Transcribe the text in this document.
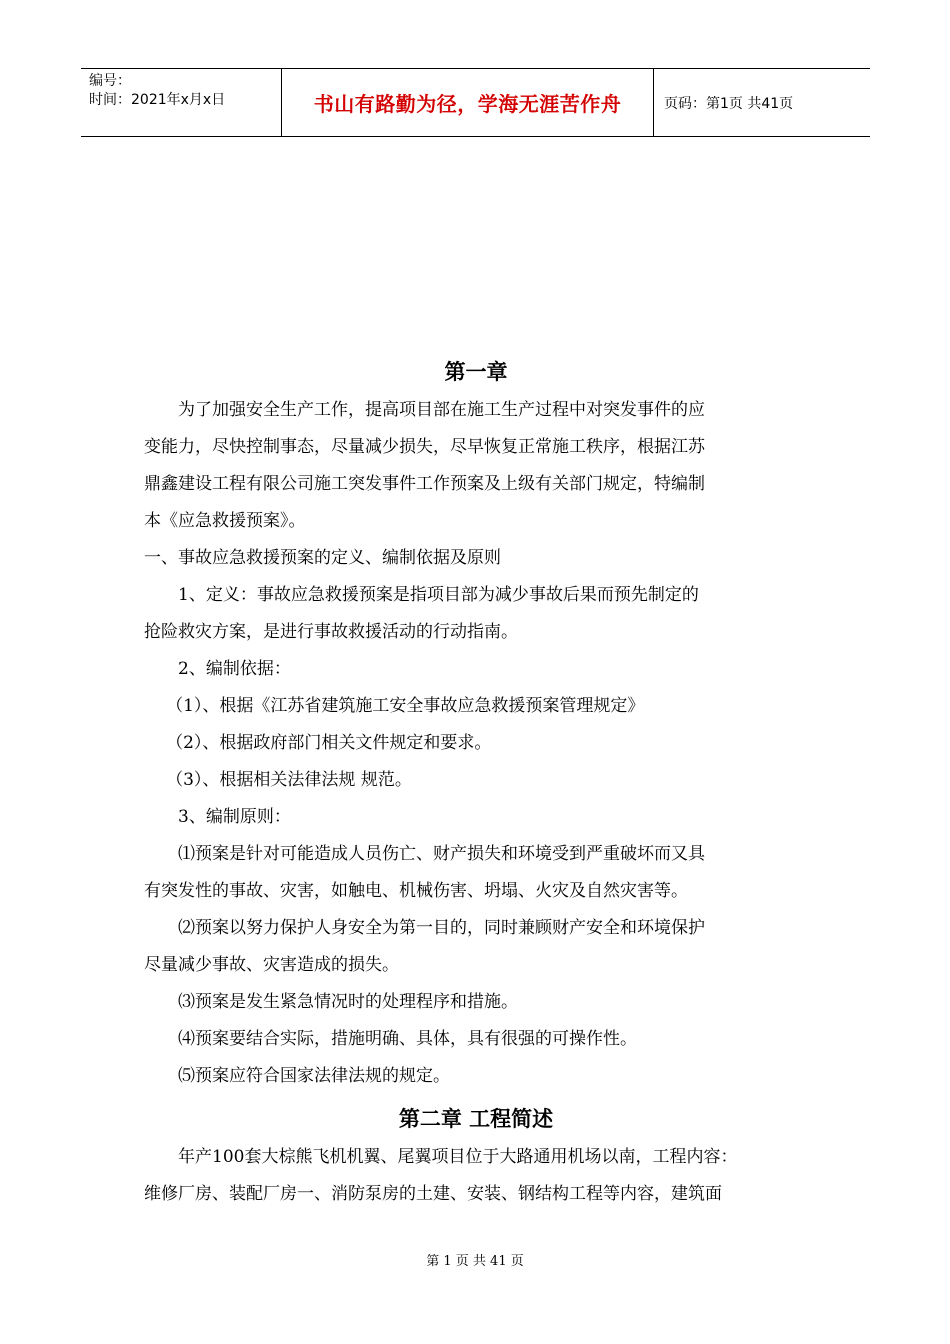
编号：
时间：2021年x月x日	书山有路勤为径，学海无涯苦作舟	页码：第1页 共41页
第一章

为了加强安全生产工作，提高项目部在施工生产过程中对突发事件的应

变能力，尽快控制事态，尽量减少损失，尽早恢复正常施工秩序，根据江苏

鼎鑫建设工程有限公司施工突发事件工作预案及上级有关部门规定，特编制

本《应急救援预案》。

一、事故应急救援预案的定义、编制依据及原则

1、定义：事故应急救援预案是指项目部为减少事故后果而预先制定的

抢险救灾方案，是进行事故救援活动的行动指南。

2、编制依据：

（1）、根据《江苏省建筑施工安全事故应急救援预案管理规定》

（2）、根据政府部门相关文件规定和要求。

（3）、根据相关法律法规 规范。

3、编制原则：

⑴预案是针对可能造成人员伤亡、财产损失和环境受到严重破坏而又具

有突发性的事故、灾害，如触电、机械伤害、坍塌、火灾及自然灾害等。

⑵预案以努力保护人身安全为第一目的，同时兼顾财产安全和环境保护

尽量减少事故、灾害造成的损失。

⑶预案是发生紧急情况时的处理程序和措施。

⑷预案要结合实际，措施明确、具体，具有很强的可操作性。

⑸预案应符合国家法律法规的规定。

第二章 工程简述

年产100套大棕熊飞机机翼、尾翼项目位于大路通用机场以南，工程内容：

维修厂房、装配厂房一、消防泵房的土建、安装、钢结构工程等内容，建筑面

第 1 页 共 41 页
